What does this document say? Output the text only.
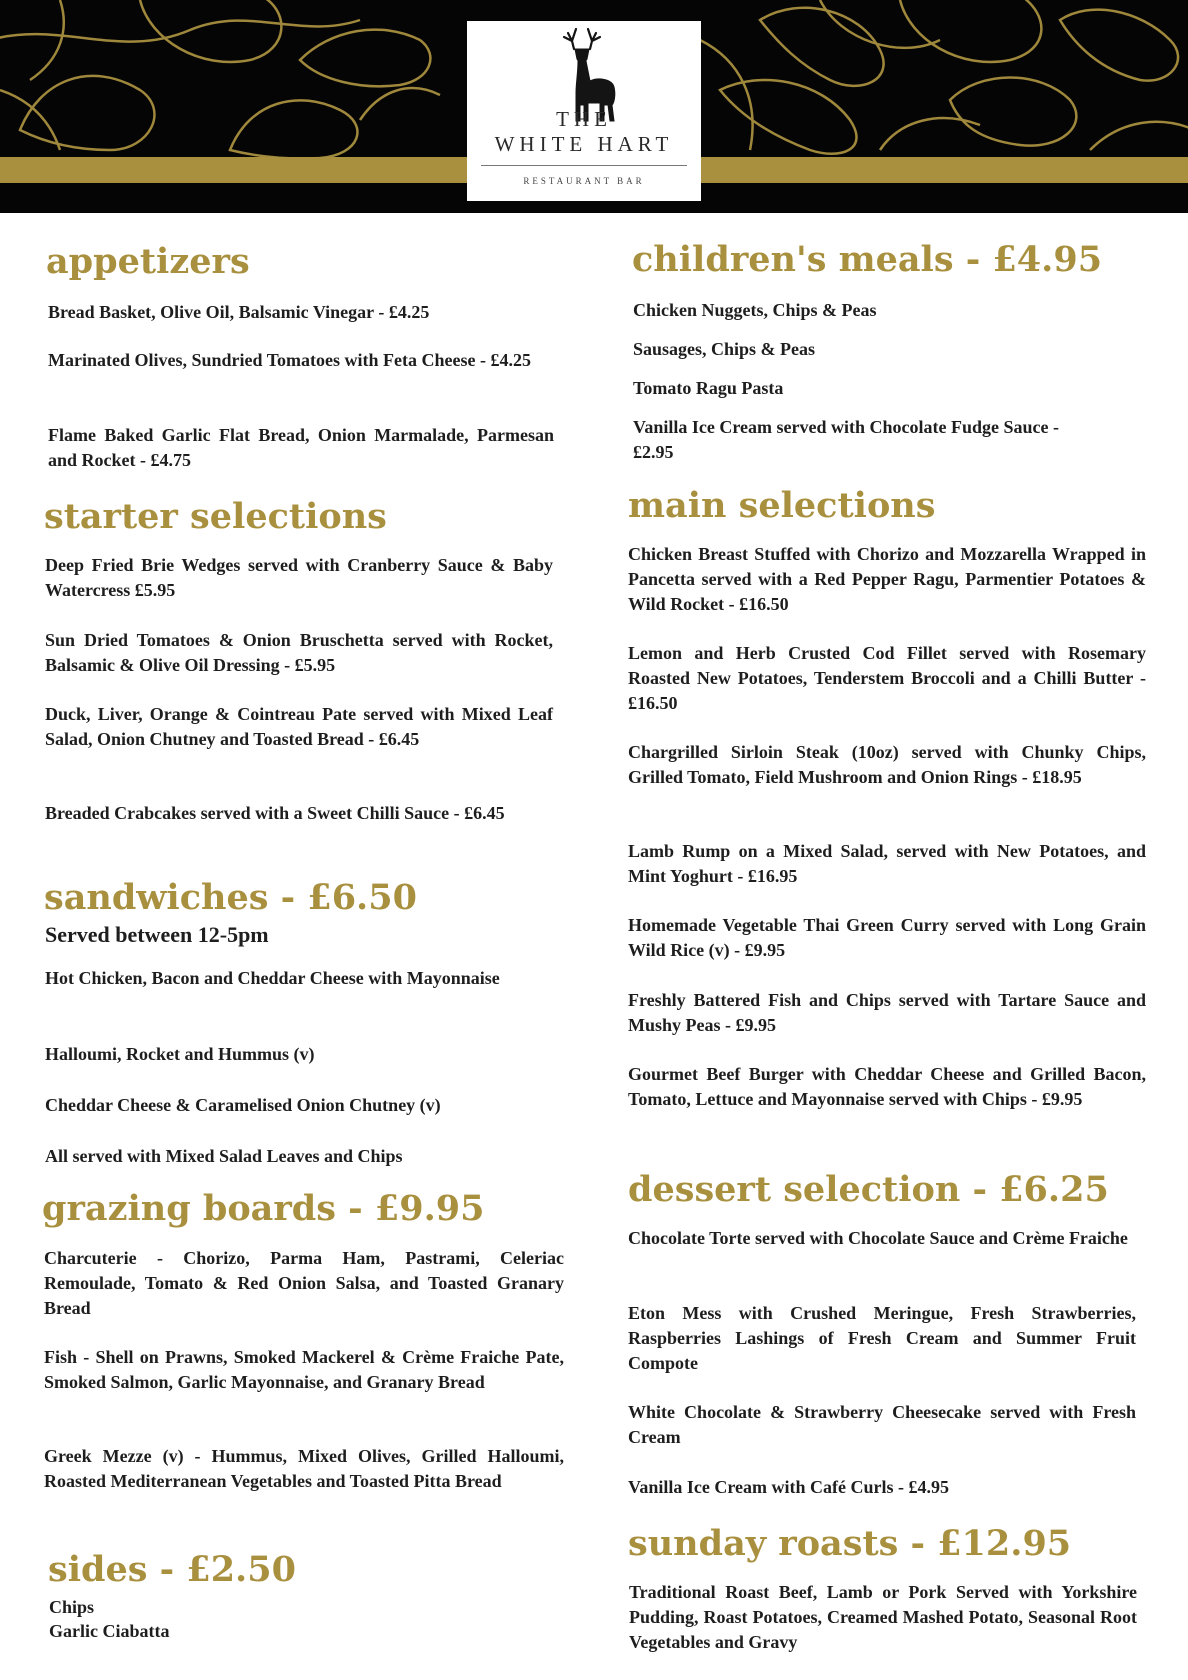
THE
WHITE HART
RESTAURANT BAR
appetizers

Bread Basket, Olive Oil, Balsamic Vinegar - £4.25

Marinated Olives, Sundried Tomatoes with Feta Cheese - £4.25

Flame Baked Garlic Flat Bread, Onion Marmalade, Parmesan and Rocket - £4.75

starter selections

Deep Fried Brie Wedges served with Cranberry Sauce & Baby Watercress £5.95

Sun Dried Tomatoes & Onion Bruschetta served with Rocket, Balsamic & Olive Oil Dressing - £5.95

Duck, Liver, Orange & Cointreau Pate served with Mixed Leaf Salad, Onion Chutney and Toasted Bread - £6.45

Breaded Crabcakes served with a Sweet Chilli Sauce - £6.45

sandwiches - £6.50

Served between 12-5pm

Hot Chicken, Bacon and Cheddar Cheese with Mayonnaise

Halloumi, Rocket and Hummus (v)

Cheddar Cheese & Caramelised Onion Chutney (v)

All served with Mixed Salad Leaves and Chips

grazing boards - £9.95

Charcuterie - Chorizo, Parma Ham, Pastrami, Celeriac Remoulade, Tomato & Red Onion Salsa, and Toasted Granary Bread

Fish - Shell on Prawns, Smoked Mackerel & Crème Fraiche Pate, Smoked Salmon, Garlic Mayonnaise, and Granary Bread

Greek Mezze (v) - Hummus, Mixed Olives, Grilled Halloumi, Roasted Mediterranean Vegetables and Toasted Pitta Bread

sides - £2.50

Chips

Garlic Ciabatta

children's meals - £4.95

Chicken Nuggets, Chips & Peas

Sausages, Chips & Peas

Tomato Ragu Pasta

Vanilla Ice Cream served with Chocolate Fudge Sauce - £2.95

main selections

Chicken Breast Stuffed with Chorizo and Mozzarella Wrapped in Pancetta served with a Red Pepper Ragu, Parmentier Potatoes & Wild Rocket - £16.50

Lemon and Herb Crusted Cod Fillet served with Rosemary Roasted New Potatoes, Tenderstem Broccoli and a Chilli Butter - £16.50

Chargrilled Sirloin Steak (10oz) served with Chunky Chips, Grilled Tomato, Field Mushroom and Onion Rings - £18.95

Lamb Rump on a Mixed Salad, served with New Potatoes, and Mint Yoghurt - £16.95

Homemade Vegetable Thai Green Curry served with Long Grain Wild Rice (v) - £9.95

Freshly Battered Fish and Chips served with Tartare Sauce and Mushy Peas - £9.95

Gourmet Beef Burger with Cheddar Cheese and Grilled Bacon, Tomato, Lettuce and Mayonnaise served with Chips - £9.95

dessert selection - £6.25

Chocolate Torte served with Chocolate Sauce and Crème Fraiche

Eton Mess with Crushed Meringue, Fresh Strawberries, Raspberries Lashings of Fresh Cream and Summer Fruit Compote

White Chocolate & Strawberry Cheesecake served with Fresh Cream

Vanilla Ice Cream with Café Curls - £4.95

sunday roasts - £12.95

Traditional Roast Beef, Lamb or Pork Served with Yorkshire Pudding, Roast Potatoes, Creamed Mashed Potato, Seasonal Root Vegetables and Gravy
